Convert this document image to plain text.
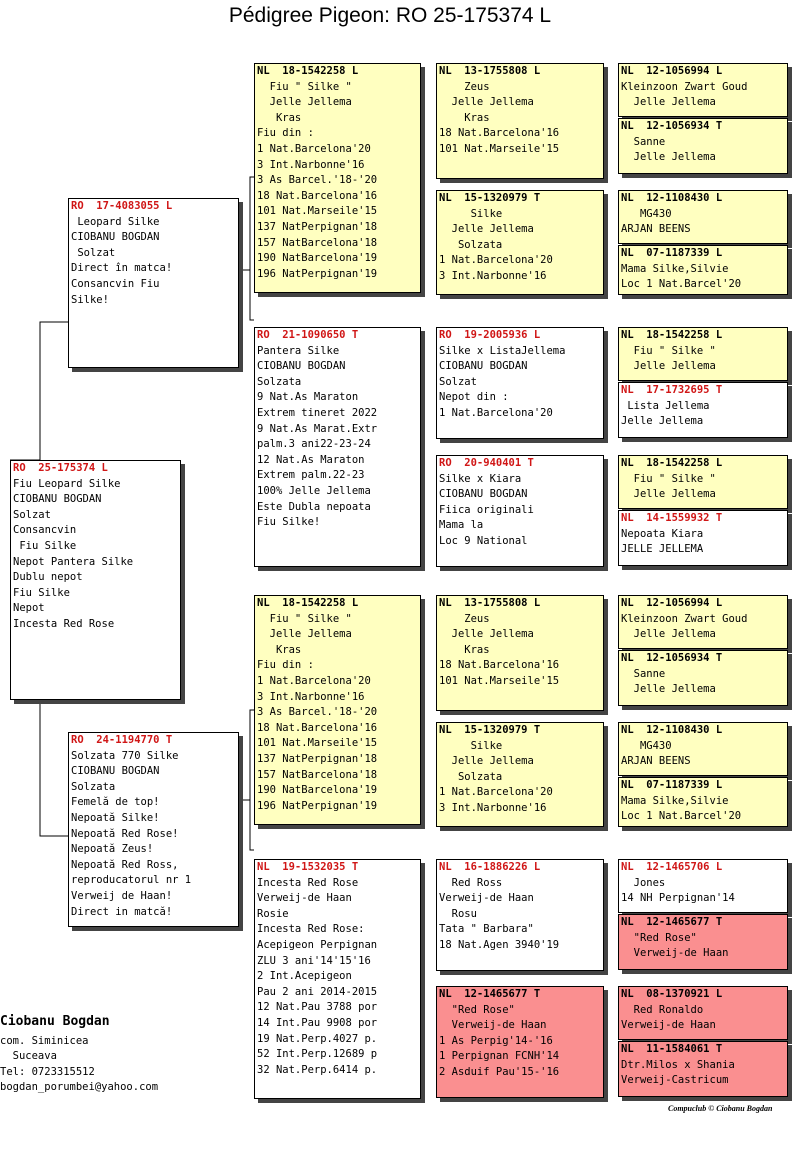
Pédigree Pigeon: RO 25-175374 L
RO  25-175374 L
Fiu Leopard Silke
CIOBANU BOGDAN
Solzat
Consancvin
Fiu Silke
Nepot Pantera Silke
Dublu nepot
Fiu Silke
Nepot
Incesta Red Rose
RO  17-4083055 L
Leopard Silke
CIOBANU BOGDAN
Solzat
Direct în matca!
Consancvin Fiu
Silke!
RO  24-1194770 T
Solzata 770 Silke
CIOBANU BOGDAN
Solzata
Femelă de top!
Nepoată Silke!
Nepoată Red Rose!
Nepoată Zeus!
Nepoată Red Ross,
reproducatorul nr 1
Verweij de Haan!
Direct in matcă!
NL  18-1542258 L
Fiu " Silke "
Jelle Jellema
Kras
Fiu din :
1 Nat.Barcelona'20
3 Int.Narbonne'16
3 As Barcel.'18-'20
18 Nat.Barcelona'16
101 Nat.Marseile'15
137 NatPerpignan'18
157 NatBarcelona'18
190 NatBarcelona'19
196 NatPerpignan'19
RO  21-1090650 T
Pantera Silke
CIOBANU BOGDAN
Solzata
9 Nat.As Maraton
Extrem tineret 2022
9 Nat.As Marat.Extr
palm.3 ani22-23-24
12 Nat.As Maraton
Extrem palm.22-23
100% Jelle Jellema
Este Dubla nepoata
Fiu Silke!
NL  18-1542258 L
Fiu " Silke "
Jelle Jellema
Kras
Fiu din :
1 Nat.Barcelona'20
3 Int.Narbonne'16
3 As Barcel.'18-'20
18 Nat.Barcelona'16
101 Nat.Marseile'15
137 NatPerpignan'18
157 NatBarcelona'18
190 NatBarcelona'19
196 NatPerpignan'19
NL  19-1532035 T
Incesta Red Rose
Verweij-de Haan
Rosie
Incesta Red Rose:
Acepigeon Perpignan
ZLU 3 ani'14'15'16
2 Int.Acepigeon
Pau 2 ani 2014-2015
12 Nat.Pau 3788 por
14 Int.Pau 9908 por
19 Nat.Perp.4027 p.
52 Int.Perp.12689 p
32 Nat.Perp.6414 p.
NL  13-1755808 L
Zeus
Jelle Jellema
Kras
18 Nat.Barcelona'16
101 Nat.Marseile'15
NL  15-1320979 T
Silke
Jelle Jellema
Solzata
1 Nat.Barcelona'20
3 Int.Narbonne'16
RO  19-2005936 L
Silke x ListaJellema
CIOBANU BOGDAN
Solzat
Nepot din :
1 Nat.Barcelona'20
RO  20-940401 T
Silke x Kiara
CIOBANU BOGDAN
Fiica originali
Mama la
Loc 9 National
NL  13-1755808 L
Zeus
Jelle Jellema
Kras
18 Nat.Barcelona'16
101 Nat.Marseile'15
NL  15-1320979 T
Silke
Jelle Jellema
Solzata
1 Nat.Barcelona'20
3 Int.Narbonne'16
NL  16-1886226 L
Red Ross
Verweij-de Haan
Rosu
Tata " Barbara"
18 Nat.Agen 3940'19
NL  12-1465677 T
"Red Rose"
Verweij-de Haan
1 As Perpig'14-'16
1 Perpignan FCNH'14
2 Asduif Pau'15-'16
NL  12-1056994 L
Kleinzoon Zwart Goud
Jelle Jellema
NL  12-1056934 T
Sanne
Jelle Jellema
NL  12-1108430 L
MG430
ARJAN BEENS
NL  07-1187339 L
Mama Silke,Silvie
Loc 1 Nat.Barcel'20
NL  18-1542258 L
Fiu " Silke "
Jelle Jellema
NL  17-1732695 T
Lista Jellema
Jelle Jellema
NL  18-1542258 L
Fiu " Silke "
Jelle Jellema
NL  14-1559932 T
Nepoata Kiara
JELLE JELLEMA
NL  12-1056994 L
Kleinzoon Zwart Goud
Jelle Jellema
NL  12-1056934 T
Sanne
Jelle Jellema
NL  12-1108430 L
MG430
ARJAN BEENS
NL  07-1187339 L
Mama Silke,Silvie
Loc 1 Nat.Barcel'20
NL  12-1465706 L
Jones
14 NH Perpignan'14
NL  12-1465677 T
"Red Rose"
Verweij-de Haan
NL  08-1370921 L
Red Ronaldo
Verweij-de Haan
NL  11-1584061 T
Dtr.Milos x Shania
Verweij-Castricum
Ciobanu Bogdan
com. Siminicea
Suceava
Tel: 0723315512
bogdan_porumbei@yahoo.com
Compuclub © Ciobanu Bogdan
